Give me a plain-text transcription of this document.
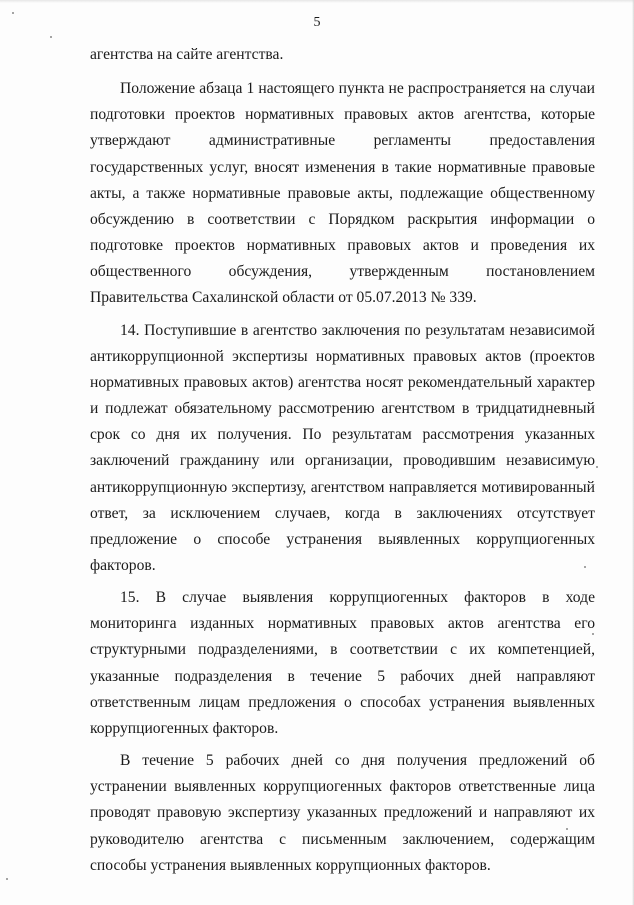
5

агентства на сайте агентства.

Положение абзаца 1 настоящего пункта не распространяется на случаи подготовки проектов нормативных правовых актов агентства, которые утверждают административные регламенты предоставления государственных услуг, вносят изменения в такие нормативные правовые акты, а также нормативные правовые акты, подлежащие общественному обсуждению в соответствии с Порядком раскрытия информации о подготовке проектов нормативных правовых актов и проведения их общественного обсуждения, утвержденным постановлением Правительства Сахалинской области от 05.07.2013 № 339.

14. Поступившие в агентство заключения по результатам независимой антикоррупционной экспертизы нормативных правовых актов (проектов нормативных правовых актов) агентства носят рекомендательный характер и подлежат обязательному рассмотрению агентством в тридцатидневный срок со дня их получения. По результатам рассмотрения указанных заключений гражданину или организации, проводившим независимую антикоррупционную экспертизу, агентством направляется мотивированный ответ, за исключением случаев, когда в заключениях отсутствует предложение о способе устранения выявленных коррупциогенных факторов.

15. В случае выявления коррупциогенных факторов в ходе мониторинга изданных нормативных правовых актов агентства его структурными подразделениями, в соответствии с их компетенцией, указанные подразделения в течение 5 рабочих дней направляют ответственным лицам предложения о способах устранения выявленных коррупциогенных факторов.

В течение 5 рабочих дней со дня получения предложений об устранении выявленных коррупциогенных факторов ответственные лица проводят правовую экспертизу указанных предложений и направляют их руководителю агентства с письменным заключением, содержащим способы устранения выявленных коррупционных факторов.
